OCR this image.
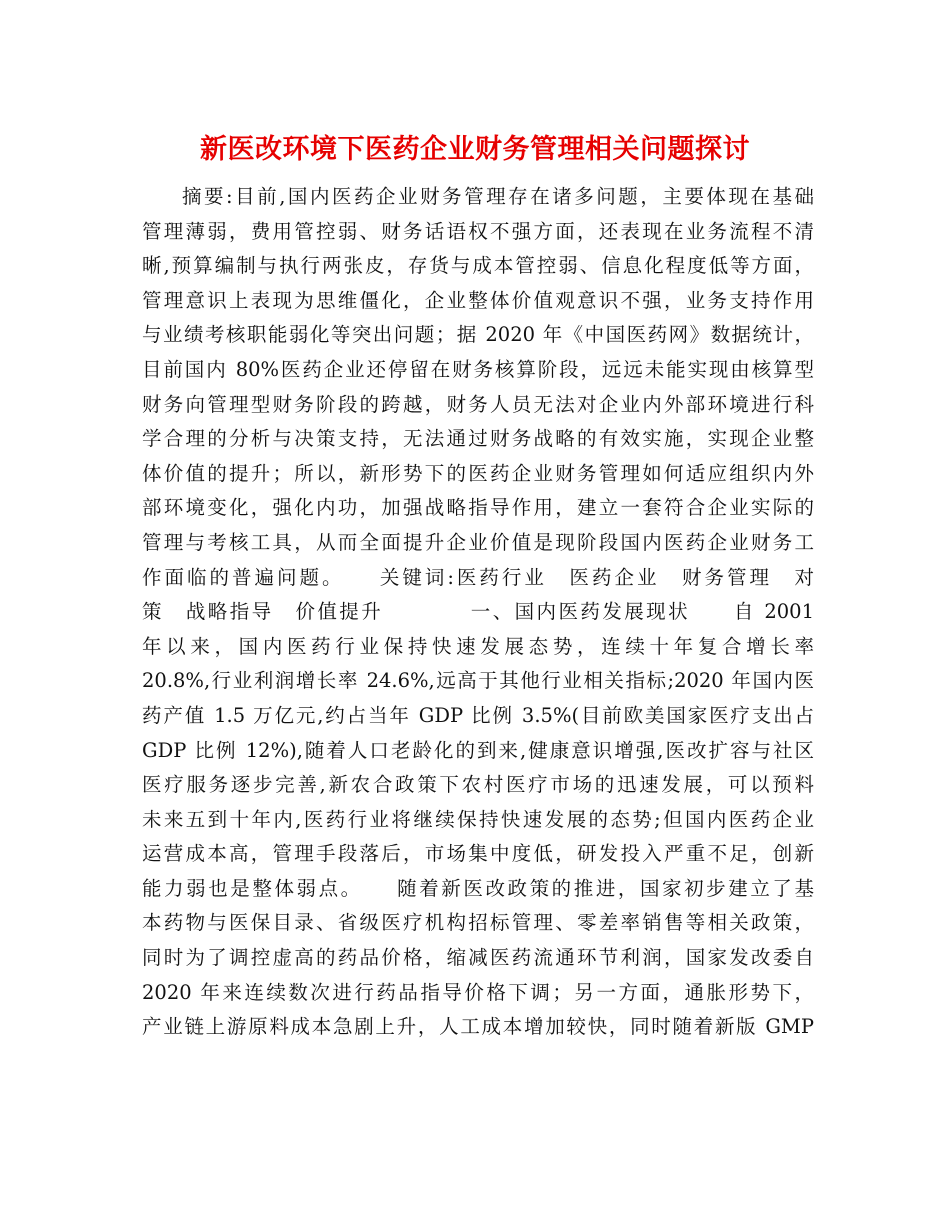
新医改环境下医药企业财务管理相关问题探讨
摘要:目前,国内医药企业财务管理存在诸多问题，主要体现在基础
管理薄弱，费用管控弱、财务话语权不强方面，还表现在业务流程不清
晰,预算编制与执行两张皮，存货与成本管控弱、信息化程度低等方面，
管理意识上表现为思维僵化，企业整体价值观意识不强，业务支持作用
与业绩考核职能弱化等突出问题；据 2020 年《中国医药网》数据统计，
目前国内 80%医药企业还停留在财务核算阶段，远远未能实现由核算型
财务向管理型财务阶段的跨越，财务人员无法对企业内外部环境进行科
学合理的分析与决策支持，无法通过财务战略的有效实施，实现企业整
体价值的提升；所以，新形势下的医药企业财务管理如何适应组织内外
部环境变化，强化内功，加强战略指导作用，建立一套符合企业实际的
管理与考核工具，从而全面提升企业价值是现阶段国内医药企业财务工
作面临的普遍问题。　　关键词:医药行业　医药企业　财务管理　对
策　战略指导　价值提升　　　　一、国内医药发展现状　　自 2001
年以来，国内医药行业保持快速发展态势，连续十年复合增长率
20.8%,行业利润增长率 24.6%,远高于其他行业相关指标;2020 年国内医
药产值 1.5 万亿元,约占当年 GDP 比例 3.5%(目前欧美国家医疗支出占
GDP 比例 12%),随着人口老龄化的到来,健康意识增强,医改扩容与社区
医疗服务逐步完善,新农合政策下农村医疗市场的迅速发展，可以预料
未来五到十年内,医药行业将继续保持快速发展的态势;但国内医药企业
运营成本高，管理手段落后，市场集中度低，研发投入严重不足，创新
能力弱也是整体弱点。　　随着新医改政策的推进，国家初步建立了基
本药物与医保目录、省级医疗机构招标管理、零差率销售等相关政策，
同时为了调控虚高的药品价格，缩减医药流通环节利润，国家发改委自
2020 年来连续数次进行药品指导价格下调；另一方面，通胀形势下，
产业链上游原料成本急剧上升，人工成本增加较快，同时随着新版 GMP
